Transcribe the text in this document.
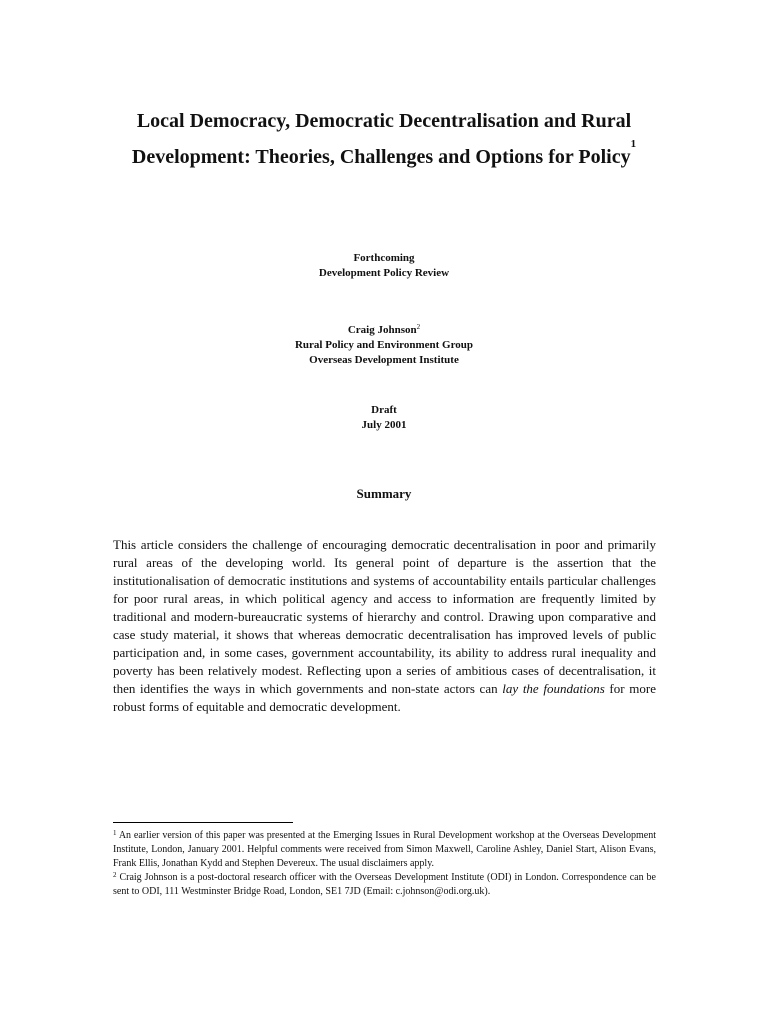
Local Democracy, Democratic Decentralisation and Rural
Development: Theories, Challenges and Options for Policy$^1$
Forthcoming
Development Policy Review
Craig Johnson$^2$
Rural Policy and Environment Group
Overseas Development Institute
Draft
July 2001
Summary
This article considers the challenge of encouraging democratic decentralisation in poor and primarily rural areas of the developing world. Its general point of departure is the assertion that the institutionalisation of democratic institutions and systems of accountability entails particular challenges for poor rural areas, in which political agency and access to information are frequently limited by traditional and modern-bureaucratic systems of hierarchy and control. Drawing upon comparative and case study material, it shows that whereas democratic decentralisation has improved levels of public participation and, in some cases, government accountability, its ability to address rural inequality and poverty has been relatively modest. Reflecting upon a series of ambitious cases of decentralisation, it then identifies the ways in which governments and non-state actors can lay the foundations for more robust forms of equitable and democratic development.

$^1$ An earlier version of this paper was presented at the Emerging Issues in Rural Development workshop at the Overseas Development Institute, London, January 2001. Helpful comments were received from Simon Maxwell, Caroline Ashley, Daniel Start, Alison Evans, Frank Ellis, Jonathan Kydd and Stephen Devereux. The usual disclaimers apply.

$^2$ Craig Johnson is a post-doctoral research officer with the Overseas Development Institute (ODI) in London. Correspondence can be sent to ODI, 111 Westminster Bridge Road, London, SE1 7JD (Email: c.johnson@odi.org.uk).
